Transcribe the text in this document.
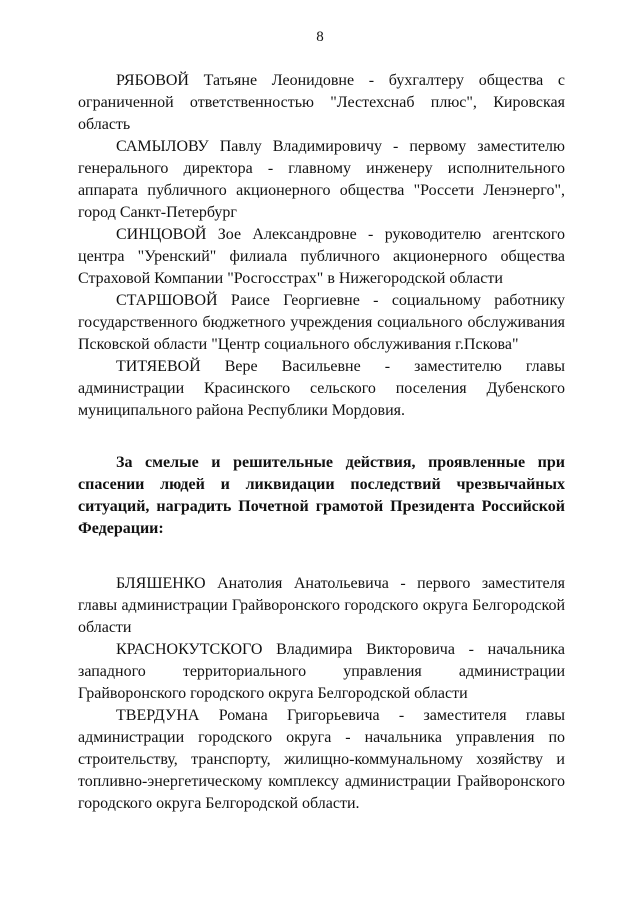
8

РЯБОВОЙ Татьяне Леонидовне - бухгалтеру общества с ограниченной ответственностью "Лестехснаб плюс", Кировская область

САМЫЛОВУ Павлу Владимировичу - первому заместителю генерального директора - главному инженеру исполнительного аппарата публичного акционерного общества "Россети Ленэнерго", город Санкт-Петербург

СИНЦОВОЙ Зое Александровне - руководителю агентского центра "Уренский" филиала публичного акционерного общества Страховой Компании "Росгосстрах" в Нижегородской области

СТАРШОВОЙ Раисе Георгиевне - социальному работнику государственного бюджетного учреждения социального обслуживания Псковской области "Центр социального обслуживания г.Пскова"

ТИТЯЕВОЙ Вере Васильевне - заместителю главы администрации Красинского сельского поселения Дубенского муниципального района Республики Мордовия.

За смелые и решительные действия, проявленные при спасении людей и ликвидации последствий чрезвычайных ситуаций, наградить Почетной грамотой Президента Российской Федерации:

БЛЯШЕНКО Анатолия Анатольевича - первого заместителя главы администрации Грайворонского городского округа Белгородской области

КРАСНОКУТСКОГО Владимира Викторовича - начальника западного территориального управления администрации Грайворонского городского округа Белгородской области

ТВЕРДУНА Романа Григорьевича - заместителя главы администрации городского округа - начальника управления по строительству, транспорту, жилищно-коммунальному хозяйству и топливно-энергетическому комплексу администрации Грайворонского городского округа Белгородской области.
